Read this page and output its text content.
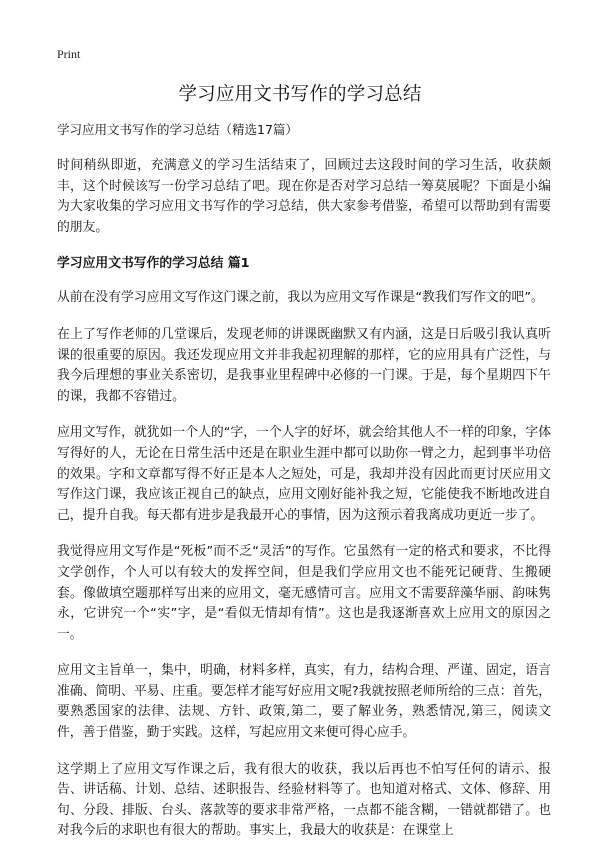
Print
学习应用文书写作的学习总结

学习应用文书写作的学习总结（精选17篇）

时间稍纵即逝，充满意义的学习生活结束了，回顾过去这段时间的学习生活，收获颇丰，这个时候该写一份学习总结了吧。现在你是否对学习总结一筹莫展呢？下面是小编为大家收集的学习应用文书写作的学习总结，供大家参考借鉴，希望可以帮助到有需要的朋友。

学习应用文书写作的学习总结 篇1

从前在没有学习应用文写作这门课之前，我以为应用文写作课是“教我们写作文的吧”。

在上了写作老师的几堂课后，发现老师的讲课既幽默又有内涵，这是日后吸引我认真听课的很重要的原因。我还发现应用文并非我起初理解的那样，它的应用具有广泛性，与我今后理想的事业关系密切，是我事业里程碑中必修的一门课。于是，每个星期四下午的课，我都不容错过。

应用文写作，就犹如一个人的“字，一个人字的好坏，就会给其他人不一样的印象，字体写得好的人，无论在日常生活中还是在职业生涯中都可以助你一臂之力，起到事半功倍的效果。字和文章都写得不好正是本人之短处，可是，我却并没有因此而更讨厌应用文写作这门课，我应该正视自己的缺点，应用文刚好能补我之短，它能使我不断地改进自己，提升自我。每天都有进步是我最开心的事情，因为这预示着我离成功更近一步了。

我觉得应用文写作是“死板”而不乏“灵活”的写作。它虽然有一定的格式和要求，不比得文学创作，个人可以有较大的发挥空间，但是我们学应用文也不能死记硬背、生搬硬套。像做填空题那样写出来的应用文，毫无感情可言。应用文不需要辞藻华丽、韵味隽永，它讲究一个“实”字，是“看似无情却有情”。这也是我逐渐喜欢上应用文的原因之一。

应用文主旨单一，集中，明确，材料多样，真实，有力，结构合理、严谨、固定，语言准确、简明、平易、庄重。要怎样才能写好应用文呢?我就按照老师所给的三点：首先，要熟悉国家的法律、法规、方针、政策,第二，要了解业务，熟悉情况,第三，阅读文件，善于借鉴，勤于实践。这样，写起应用文来便可得心应手。

这学期上了应用文写作课之后，我有很大的收获，我以后再也不怕写任何的请示、报告、讲话稿、计划、总结、述职报告、经验材料等了。也知道对格式、文体、修辞、用句、分段、排版、台头、落款等的要求非常严格，一点都不能含糊，一错就都错了。也对我今后的求职也有很大的帮助。事实上，我最大的收获是：在课堂上
